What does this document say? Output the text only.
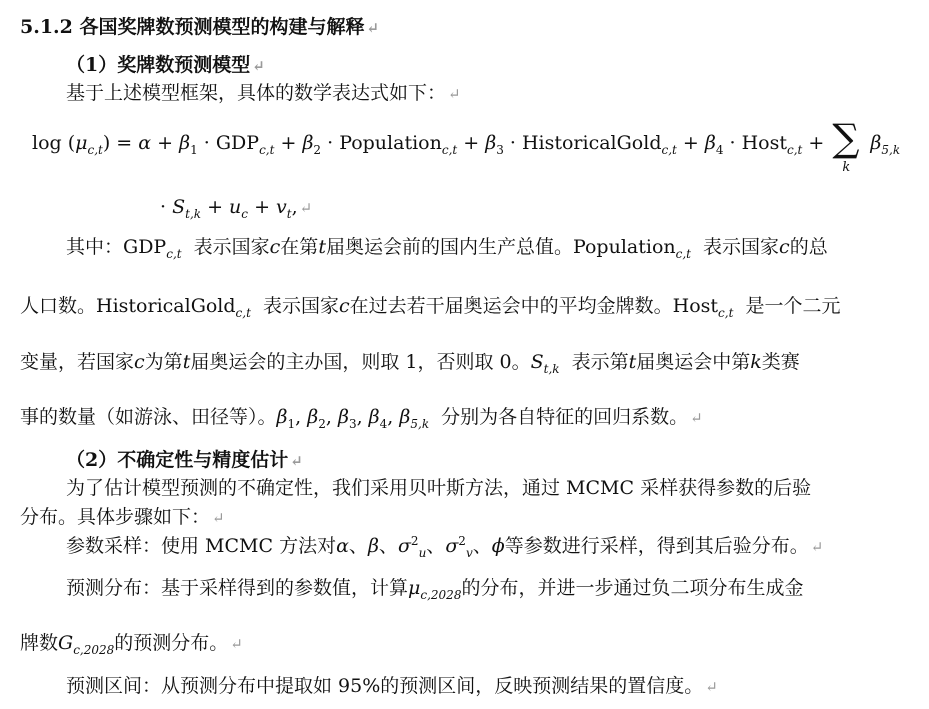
5.1.2 各国奖牌数预测模型的构建与解释 ↵
（1）奖牌数预测模型 ↵
基于上述模型框架，具体的数学表达式如下： ↵
$\log (\mu_{c,t}) = \alpha + \beta_1 \cdot GDP_{c,t} + \beta_2$ · Population$_{c,t}$ + $\beta_3$ · HistoricalGold$_{c,t}$ + $\beta_4$ · Host$_{c,t}$ + ∑
k
$\beta_{5,k}$
· $S_{t,k} + u_c + v_t$, ↵
其中：$GDP_{c,t}$ 表示国家c在第t届奥运会前的国内生产总值。Population$_{c,t}$ 表示国家c的总
人口数。HistoricalGold$_{c,t}$ 表示国家c在过去若干届奥运会中的平均金牌数。Host$_{c,t}$ 是一个二元
变量，若国家c为第t届奥运会的主办国，则取 1，否则取 0。$S_{t,k}$ 表示第t届奥运会中第k类赛
事的数量（如游泳、田径等）。$\beta_1$, $\beta_2$, $\beta_3$, $\beta_4$, $\beta_{5,k}$ 分别为各自特征的回归系数。 ↵
（2）不确定性与精度估计 ↵
为了估计模型预测的不确定性，我们采用贝叶斯方法，通过 MCMC 采样获得参数的后验
分布。具体步骤如下： ↵
参数采样：使用 MCMC 方法对α、β、$\sigma^2_u$、$\sigma^2_v$、ϕ等参数进行采样，得到其后验分布。 ↵
预测分布：基于采样得到的参数值，计算$\mu_{c,2028}$的分布，并进一步通过负二项分布生成金
牌数$G_{c,2028}$的预测分布。 ↵
预测区间：从预测分布中提取如 95%的预测区间，反映预测结果的置信度。 ↵
